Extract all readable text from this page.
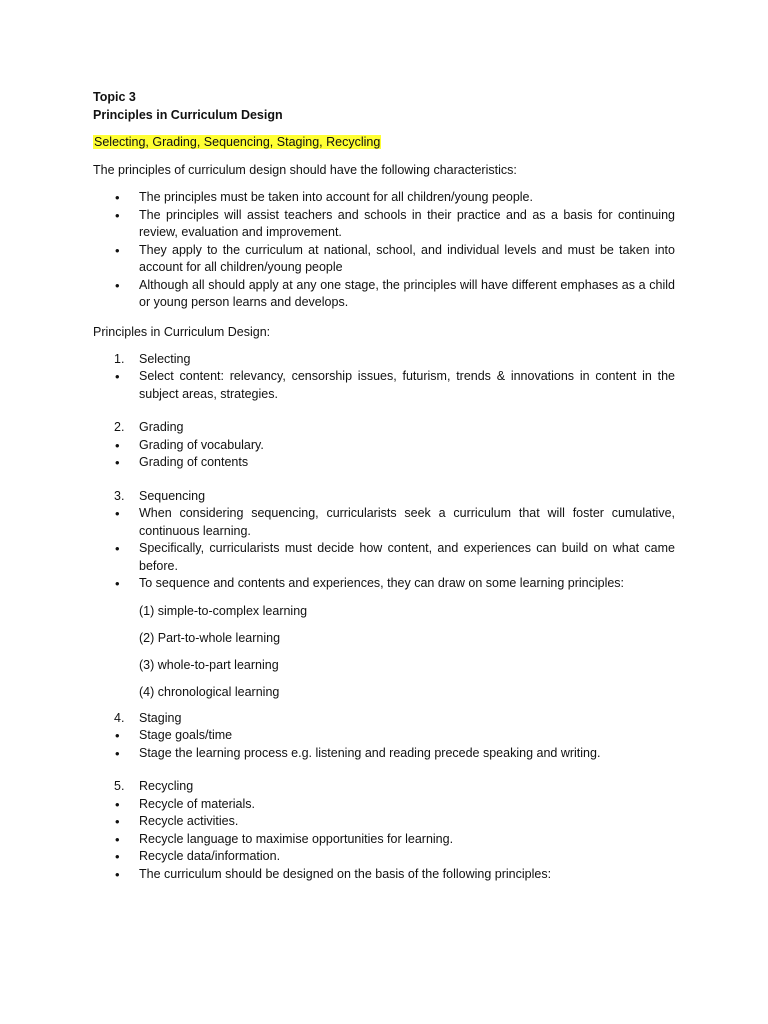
Topic 3
Principles in Curriculum Design
Selecting, Grading, Sequencing, Staging, Recycling

The principles of curriculum design should have the following characteristics:

• The principles must be taken into account for all children/young people.
• The principles will assist teachers and schools in their practice and as a basis for continuing review, evaluation and improvement.
• They apply to the curriculum at national, school, and individual levels and must be taken into account for all children/young people
• Although all should apply at any one stage, the principles will have different emphases as a child or young person learns and develops.

Principles in Curriculum Design:

1. Selecting
• Select content: relevancy, censorship issues, futurism, trends & innovations in content in the subject areas, strategies.
2. Grading
• Grading of vocabulary.
• Grading of contents
3. Sequencing
• When considering sequencing, curricularists seek a curriculum that will foster cumulative, continuous learning.
• Specifically, curricularists must decide how content, and experiences can build on what came before.
• To sequence and contents and experiences, they can draw on some learning principles:
(1) simple-to-complex learning
(2) Part-to-whole learning
(3) whole-to-part learning
(4) chronological learning
4. Staging
• Stage goals/time
• Stage the learning process e.g. listening and reading precede speaking and writing.
5. Recycling
• Recycle of materials.
• Recycle activities.
• Recycle language to maximise opportunities for learning.
• Recycle data/information.
• The curriculum should be designed on the basis of the following principles:
